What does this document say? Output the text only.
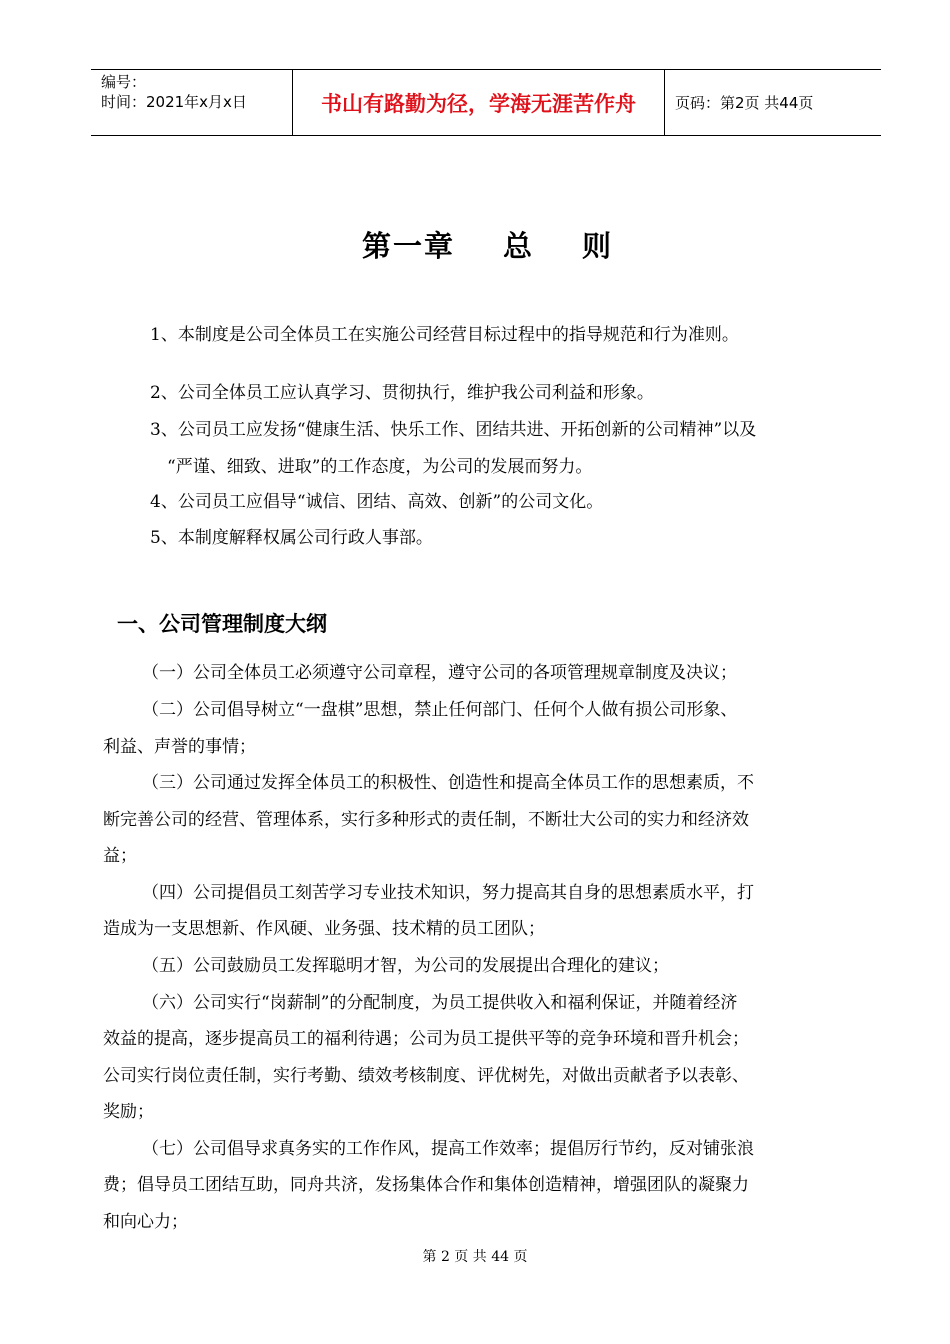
编号：
时间：2021年x月x日	书山有路勤为径，学海无涯苦作舟	页码：第2页 共44页
第一章 总 则
1、本制度是公司全体员工在实施公司经营目标过程中的指导规范和行为准则。
2、公司全体员工应认真学习、贯彻执行，维护我公司利益和形象。
3、公司员工应发扬“健康生活、快乐工作、团结共进、开拓创新的公司精神”以及
“严谨、细致、进取”的工作态度，为公司的发展而努力。
4、公司员工应倡导“诚信、团结、高效、创新”的公司文化。
5、本制度解释权属公司行政人事部。
一、公司管理制度大纲
（一）公司全体员工必须遵守公司章程，遵守公司的各项管理规章制度及决议；
（二）公司倡导树立“一盘棋”思想，禁止任何部门、任何个人做有损公司形象、
利益、声誉的事情；
（三）公司通过发挥全体员工的积极性、创造性和提高全体员工作的思想素质，不
断完善公司的经营、管理体系，实行多种形式的责任制，不断壮大公司的实力和经济效
益；
（四）公司提倡员工刻苦学习专业技术知识，努力提高其自身的思想素质水平，打
造成为一支思想新、作风硬、业务强、技术精的员工团队；
（五）公司鼓励员工发挥聪明才智，为公司的发展提出合理化的建议；
（六）公司实行“岗薪制”的分配制度，为员工提供收入和福利保证，并随着经济
效益的提高，逐步提高员工的福利待遇；公司为员工提供平等的竞争环境和晋升机会；
公司实行岗位责任制，实行考勤、绩效考核制度、评优树先，对做出贡献者予以表彰、
奖励；
（七）公司倡导求真务实的工作作风，提高工作效率；提倡厉行节约，反对铺张浪
费；倡导员工团结互助，同舟共济，发扬集体合作和集体创造精神，增强团队的凝聚力
和向心力；
第 2 页 共 44 页
